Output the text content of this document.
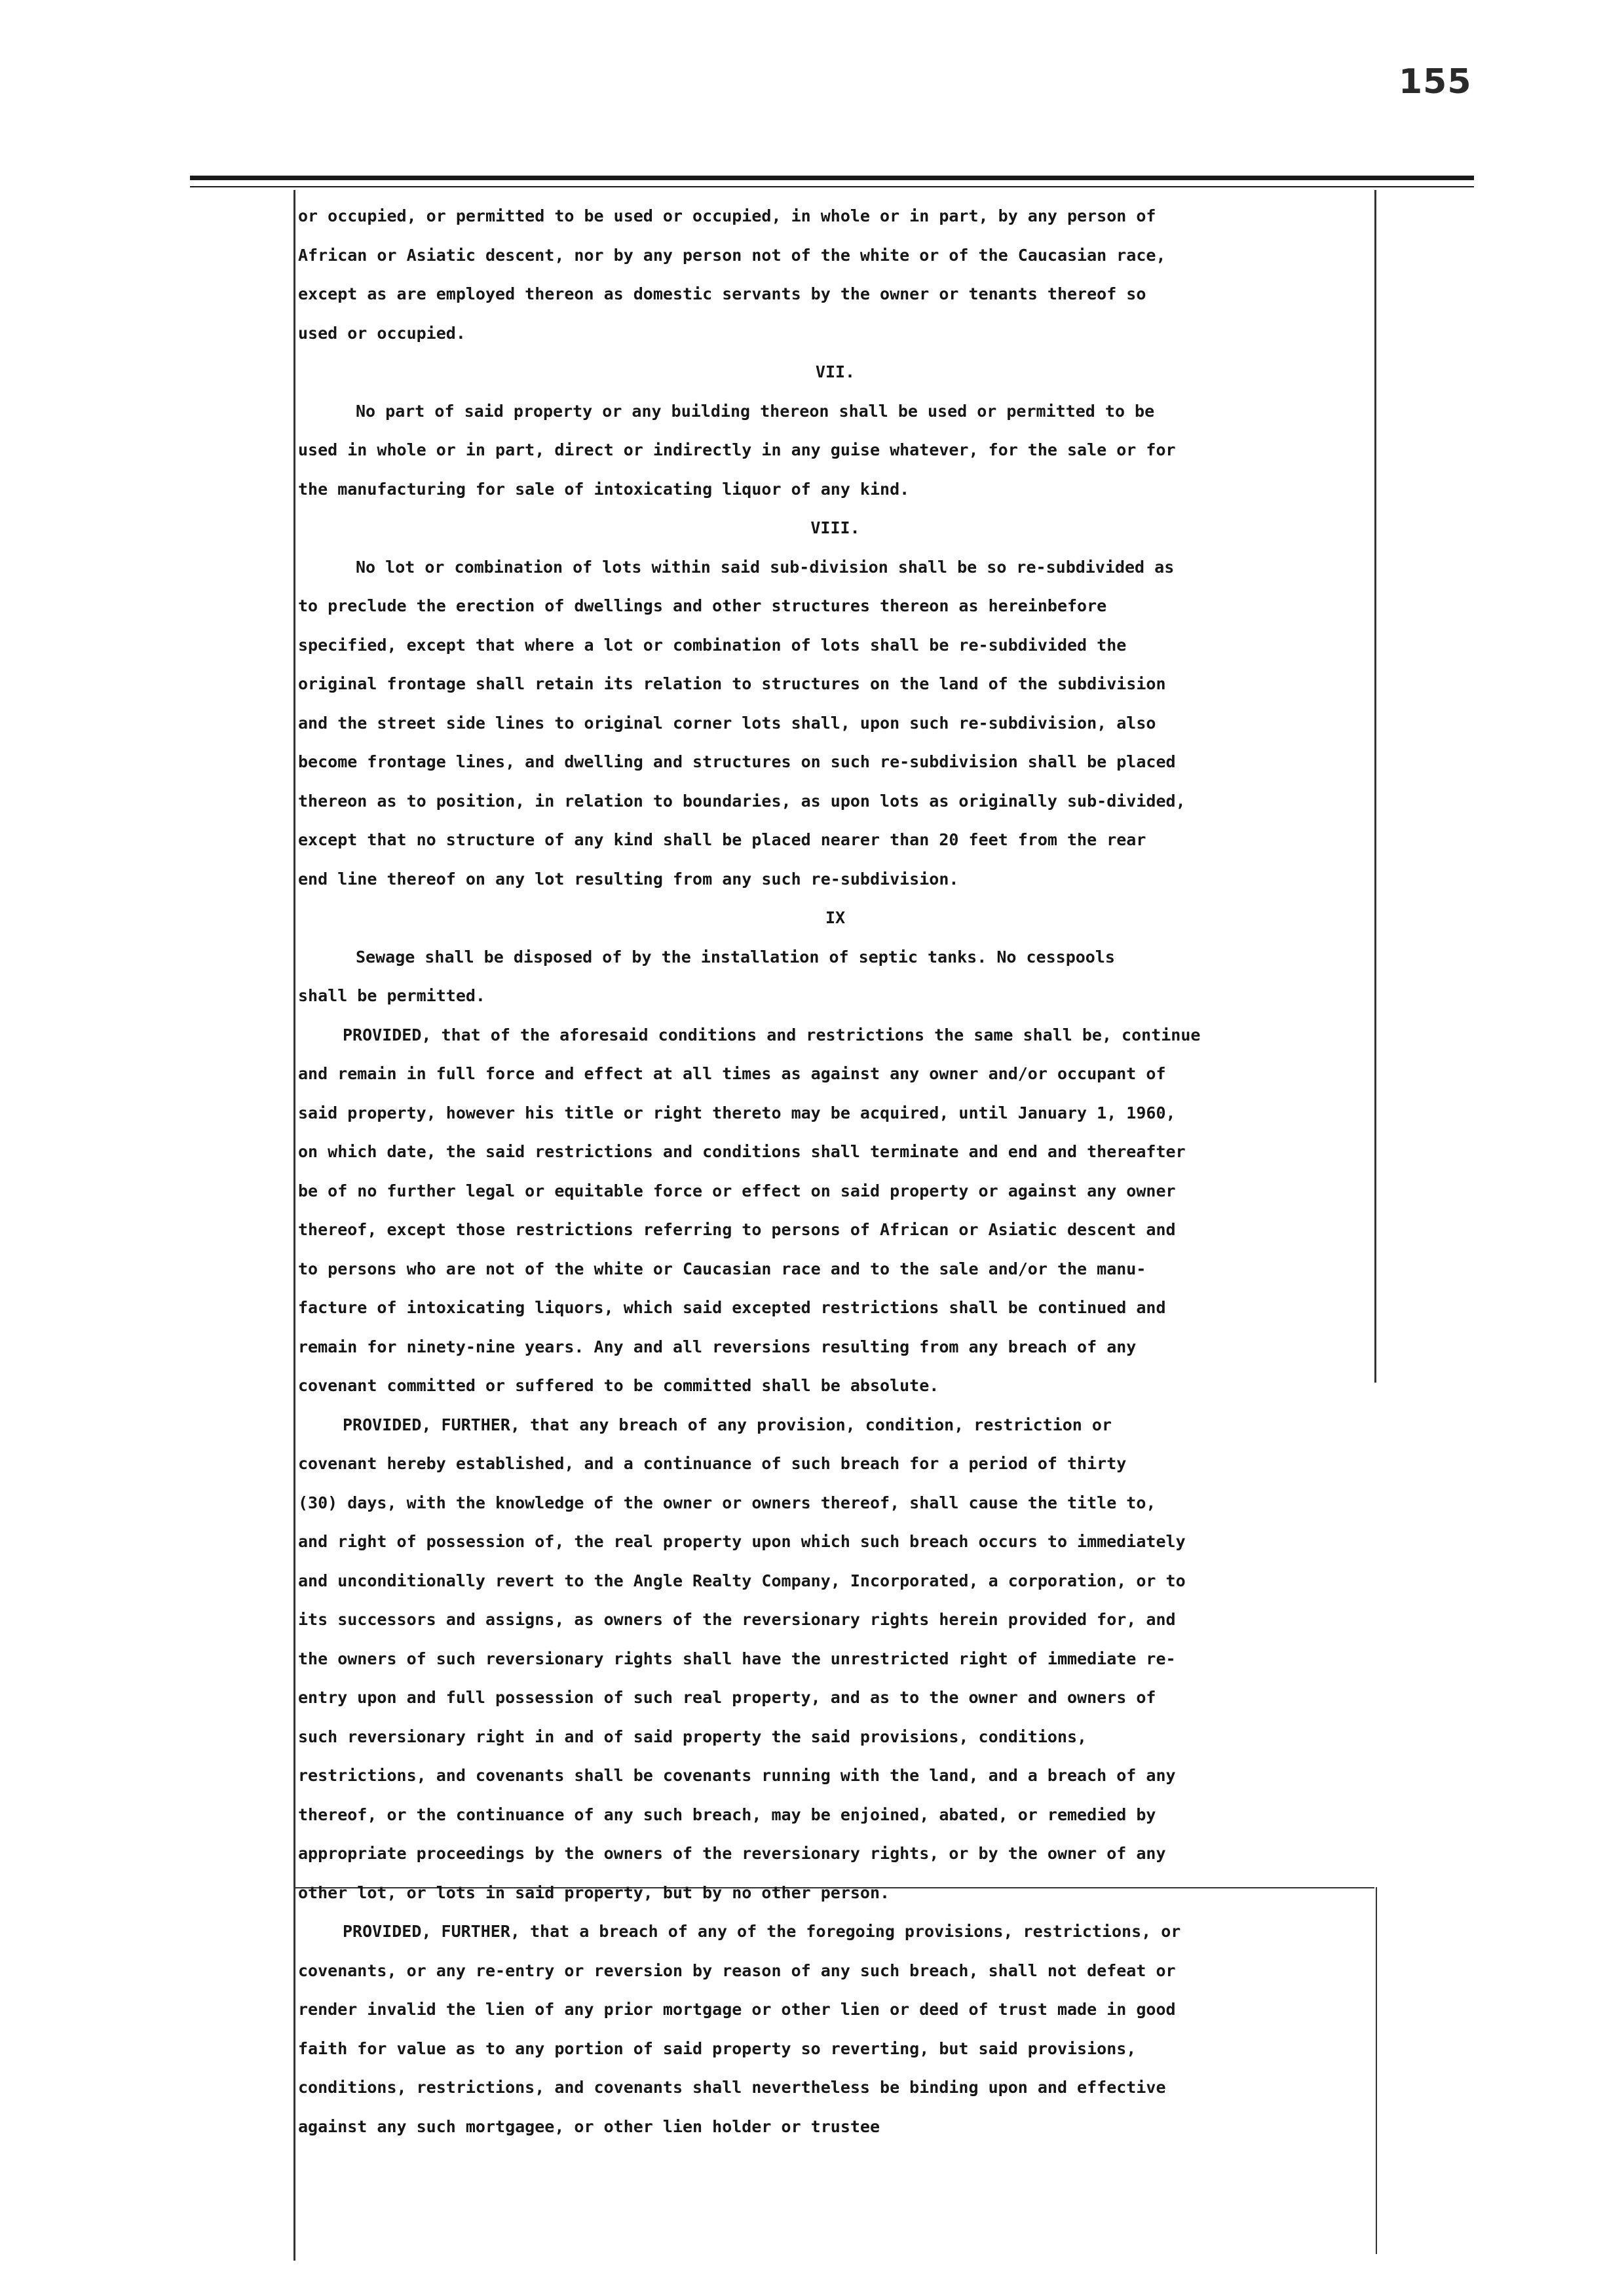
155
or occupied, or permitted to be used or occupied, in whole or in part, by any person of
African or Asiatic descent, nor by any person not of the white or of the Caucasian race,
except as are employed thereon as domestic servants by the owner or tenants thereof so
used or occupied.
VII.
No part of said property or any building thereon shall be used or permitted to be
used in whole or in part, direct or indirectly in any guise whatever, for the sale or for
the manufacturing for sale of intoxicating liquor of any kind.
VIII.
No lot or combination of lots within said sub-division shall be so re-subdivided as
to preclude the erection of dwellings and other structures thereon as hereinbefore
specified, except that where a lot or combination of lots shall be re-subdivided the
original frontage shall retain its relation to structures on the land of the subdivision
and the street side lines to original corner lots shall, upon such re-subdivision, also
become frontage lines, and dwelling and structures on such re-subdivision shall be placed
thereon as to position, in relation to boundaries, as upon lots as originally sub-divided,
except that no structure of any kind shall be placed nearer than 20 feet from the rear
end line thereof on any lot resulting from any such re-subdivision.
IX
Sewage shall be disposed of by the installation of septic tanks. No cesspools
shall be permitted.
PROVIDED, that of the aforesaid conditions and restrictions the same shall be, continue
and remain in full force and effect at all times as against any owner and/or occupant of
said property, however his title or right thereto may be acquired, until January 1, 1960,
on which date, the said restrictions and conditions shall terminate and end and thereafter
be of no further legal or equitable force or effect on said property or against any owner
thereof, except those restrictions referring to persons of African or Asiatic descent and
to persons who are not of the white or Caucasian race and to the sale and/or the manu-
facture of intoxicating liquors, which said excepted restrictions shall be continued and
remain for ninety-nine years. Any and all reversions resulting from any breach of any
covenant committed or suffered to be committed shall be absolute.
PROVIDED, FURTHER, that any breach of any provision, condition, restriction or
covenant hereby established, and a continuance of such breach for a period of thirty
(30) days, with the knowledge of the owner or owners thereof, shall cause the title to,
and right of possession of, the real property upon which such breach occurs to immediately
and unconditionally revert to the Angle Realty Company, Incorporated, a corporation, or to
its successors and assigns, as owners of the reversionary rights herein provided for, and
the owners of such reversionary rights shall have the unrestricted right of immediate re-
entry upon and full possession of such real property, and as to the owner and owners of
such reversionary right in and of said property the said provisions, conditions,
restrictions, and covenants shall be covenants running with the land, and a breach of any
thereof, or the continuance of any such breach, may be enjoined, abated, or remedied by
appropriate proceedings by the owners of the reversionary rights, or by the owner of any
other lot, or lots in said property, but by no other person.
PROVIDED, FURTHER, that a breach of any of the foregoing provisions, restrictions, or
covenants, or any re-entry or reversion by reason of any such breach, shall not defeat or
render invalid the lien of any prior mortgage or other lien or deed of trust made in good
faith for value as to any portion of said property so reverting, but said provisions,
conditions, restrictions, and covenants shall nevertheless be binding upon and effective
against any such mortgagee, or other lien holder or trustee
